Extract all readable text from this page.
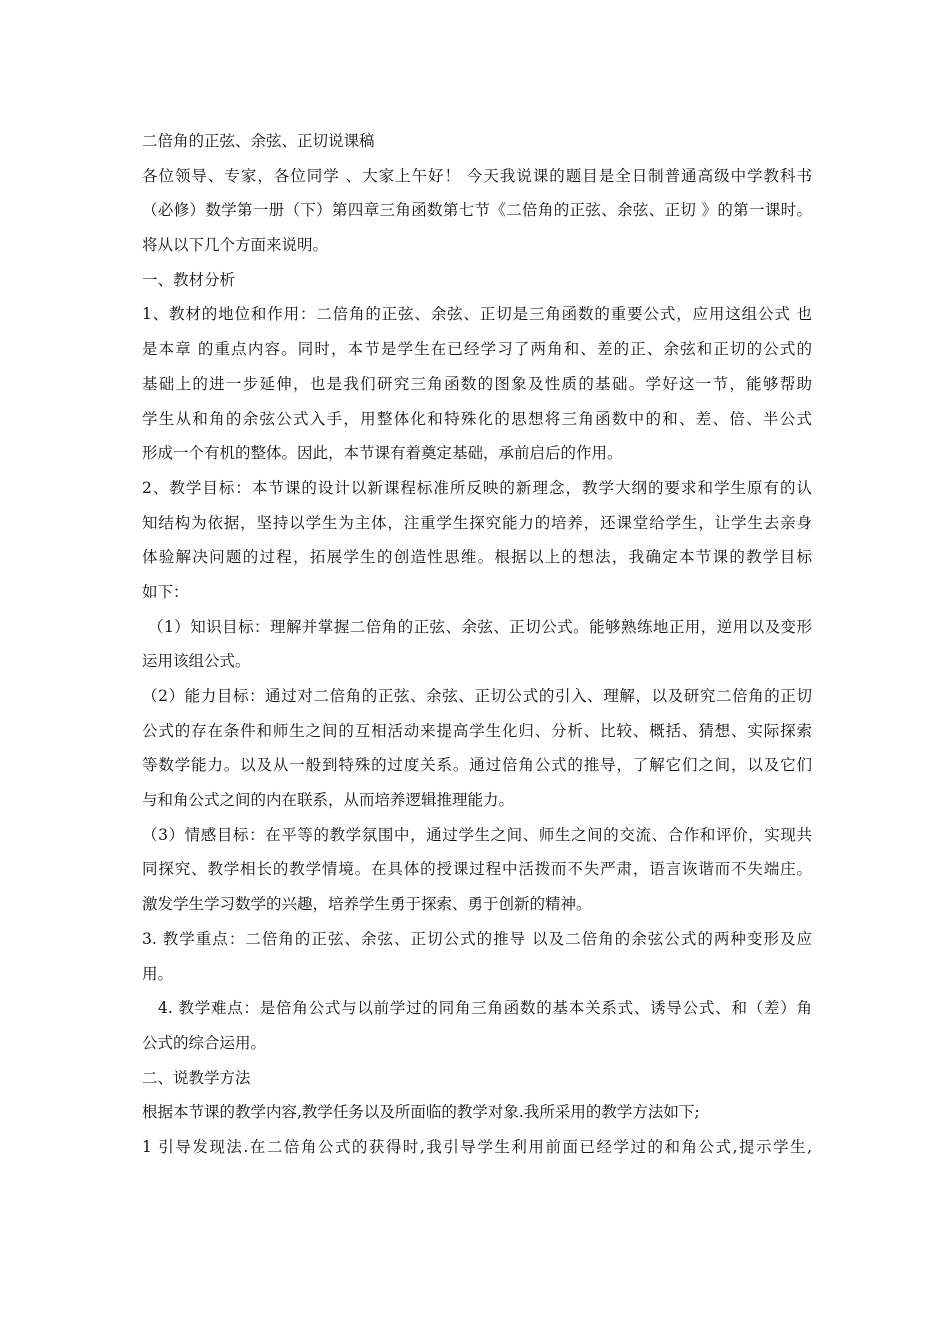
二倍角的正弦、余弦、正切说课稿
各位领导、专家，各位同学 、大家上午好！ 今天我说课的题目是全日制普通高级中学教科书
（必修）数学第一册（下）第四章三角函数第七节《二倍角的正弦、余弦、正切 》的第一课时。
将从以下几个方面来说明。
一、教材分析
1、教材的地位和作用：二倍角的正弦、余弦、正切是三角函数的重要公式，应用这组公式 也
是本章 的重点内容。同时，本节是学生在已经学习了两角和、差的正、余弦和正切的公式的
基础上的进一步延伸，也是我们研究三角函数的图象及性质的基础。学好这一节，能够帮助
学生从和角的余弦公式入手，用整体化和特殊化的思想将三角函数中的和、差、倍、半公式
形成一个有机的整体。因此，本节课有着奠定基础，承前启后的作用。
2、教学目标：本节课的设计以新课程标准所反映的新理念，教学大纲的要求和学生原有的认
知结构为依据，坚持以学生为主体，注重学生探究能力的培养，还课堂给学生，让学生去亲身
体验解决问题的过程，拓展学生的创造性思维。根据以上的想法，我确定本节课的教学目标
如下：
（1）知识目标：理解并掌握二倍角的正弦、余弦、正切公式。能够熟练地正用，逆用以及变形
运用该组公式。
（2）能力目标：通过对二倍角的正弦、余弦、正切公式的引入、理解，以及研究二倍角的正切
公式的存在条件和师生之间的互相活动来提高学生化归、分析、比较、概括、猜想、实际探索
等数学能力。以及从一般到特殊的过度关系。通过倍角公式的推导，了解它们之间，以及它们
与和角公式之间的内在联系，从而培养逻辑推理能力。
（3）情感目标：在平等的教学氛围中，通过学生之间、师生之间的交流、合作和评价，实现共
同探究、教学相长的教学情境。在具体的授课过程中活拨而不失严肃，语言诙谐而不失端庄。
激发学生学习数学的兴趣，培养学生勇于探索、勇于创新的精神。
3. 教学重点：二倍角的正弦、余弦、正切公式的推导 以及二倍角的余弦公式的两种变形及应
用。
4. 教学难点：是倍角公式与以前学过的同角三角函数的基本关系式、诱导公式、和（差）角
公式的综合运用。
二、说教学方法
根据本节课的教学内容,教学任务以及所面临的教学对象.我所采用的教学方法如下;
1 引导发现法.在二倍角公式的获得时,我引导学生利用前面已经学过的和角公式,提示学生,
